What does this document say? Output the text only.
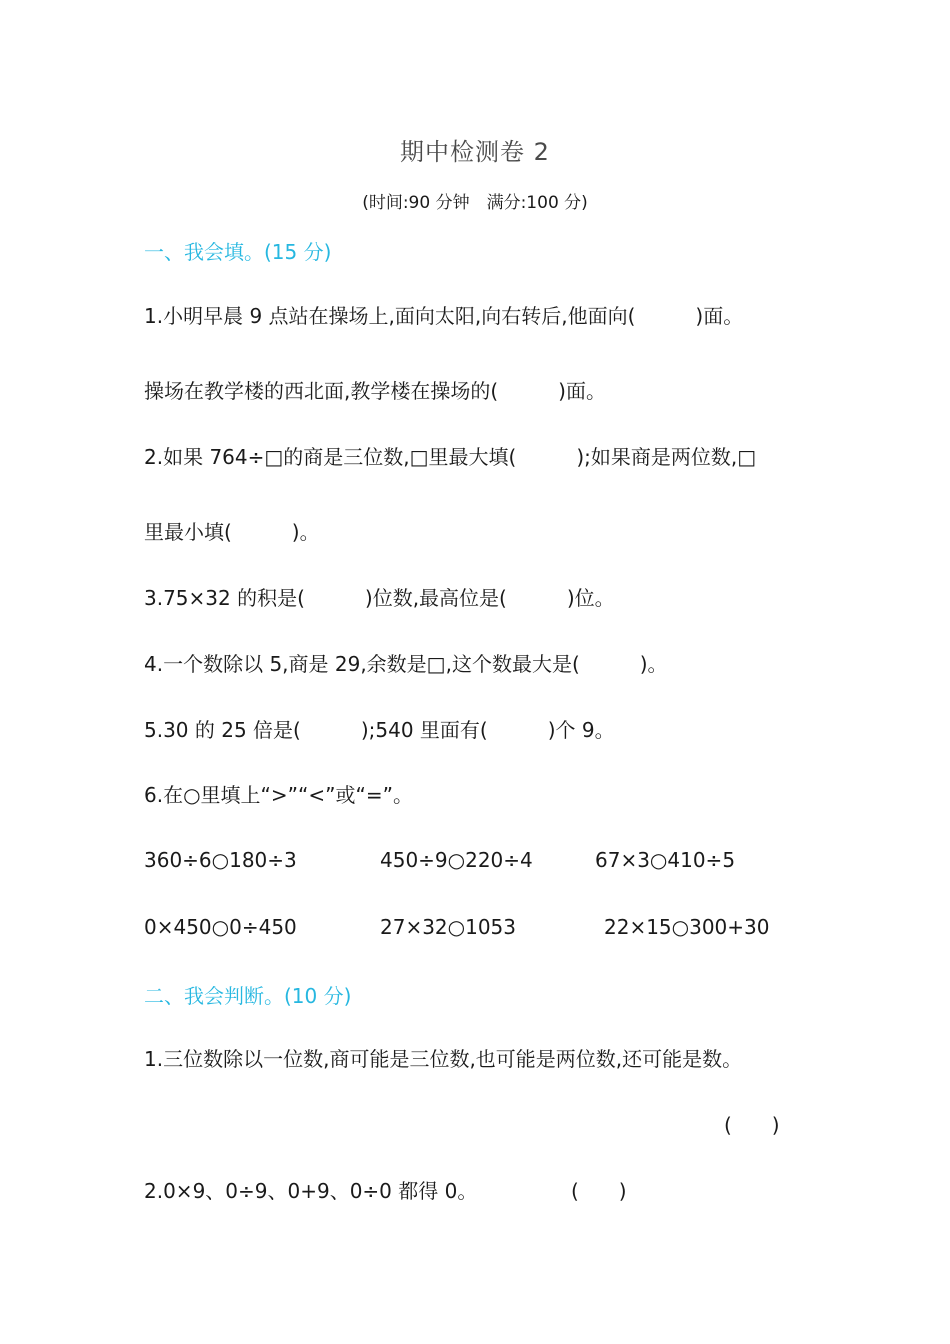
期中检测卷 2
(时间:90 分钟　满分:100 分)
一、我会填。(15 分)
1.小明早晨 9 点站在操场上,面向太阳,向右转后,他面向(　　　)面。
操场在教学楼的西北面,教学楼在操场的(　　　)面。
2.如果 764÷□的商是三位数,□里最大填(　　　);如果商是两位数,□
里最小填(　　　)。
3.75×32 的积是(　　　)位数,最高位是(　　　)位。
4.一个数除以 5,商是 29,余数是□,这个数最大是(　　　)。
5.30 的 25 倍是(　　　);540 里面有(　　　)个 9。
6.在○里填上“>”“<”或“=”。
360÷6○180÷3	450÷9○220÷4	67×3○410÷5
0×450○0÷450	27×32○1053	22×15○300+30
二、我会判断。(10 分)
1.三位数除以一位数,商可能是三位数,也可能是两位数,还可能是数。
(　　)
2.0×9、0÷9、0+9、0÷0 都得 0。	(　　)
